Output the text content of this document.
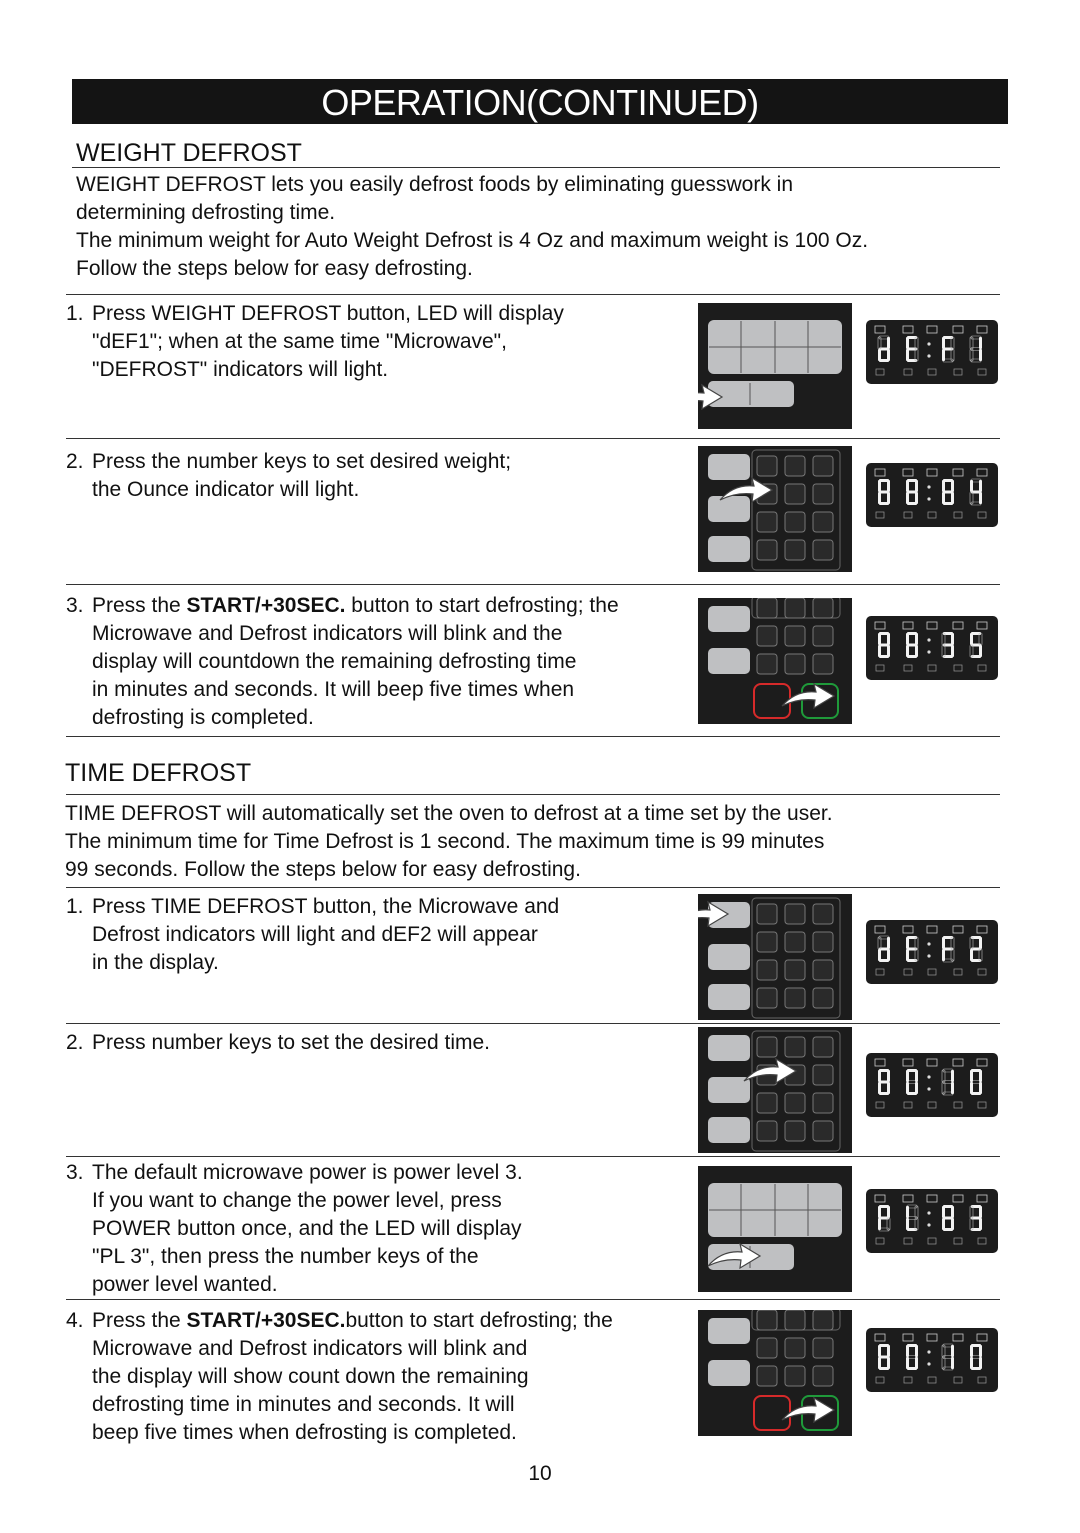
OPERATION(CONTINUED)
WEIGHT DEFROST
WEIGHT DEFROST lets you easily defrost foods by eliminating guesswork in
determining defrosting time.
The minimum weight for Auto Weight Defrost is 4 Oz and maximum weight is 100 Oz.
Follow the steps below for easy defrosting.
1. Press WEIGHT DEFROST button, LED will display
"dEF1"; when at the same time "Microwave",
"DEFROST" indicators will light.
2. Press the number keys to set desired weight;
the Ounce indicator will light.
3. Press the START/+30SEC. button to start defrosting; the
Microwave and Defrost indicators will blink and the
display will countdown the remaining defrosting time
in minutes and seconds. It will beep five times when
defrosting is completed.
TIME DEFROST
TIME DEFROST will automatically set the oven to defrost at a time set by the user.
The minimum time for Time Defrost is 1 second. The maximum time is 99 minutes
99 seconds. Follow the steps below for easy defrosting.
1. Press TIME DEFROST button, the Microwave and
Defrost indicators will light and dEF2 will appear
in the display.
2. Press number keys to set the desired time.
3. The default microwave power is power level 3.
If you want to change the power level, press
POWER button once, and the LED will display
"PL 3", then press the number keys of the
power level wanted.
4. Press the START/+30SEC.button to start defrosting; the
Microwave and Defrost indicators will blink and
the display will show count down the remaining
defrosting time in minutes and seconds. It will
beep five times when defrosting is completed.
10
